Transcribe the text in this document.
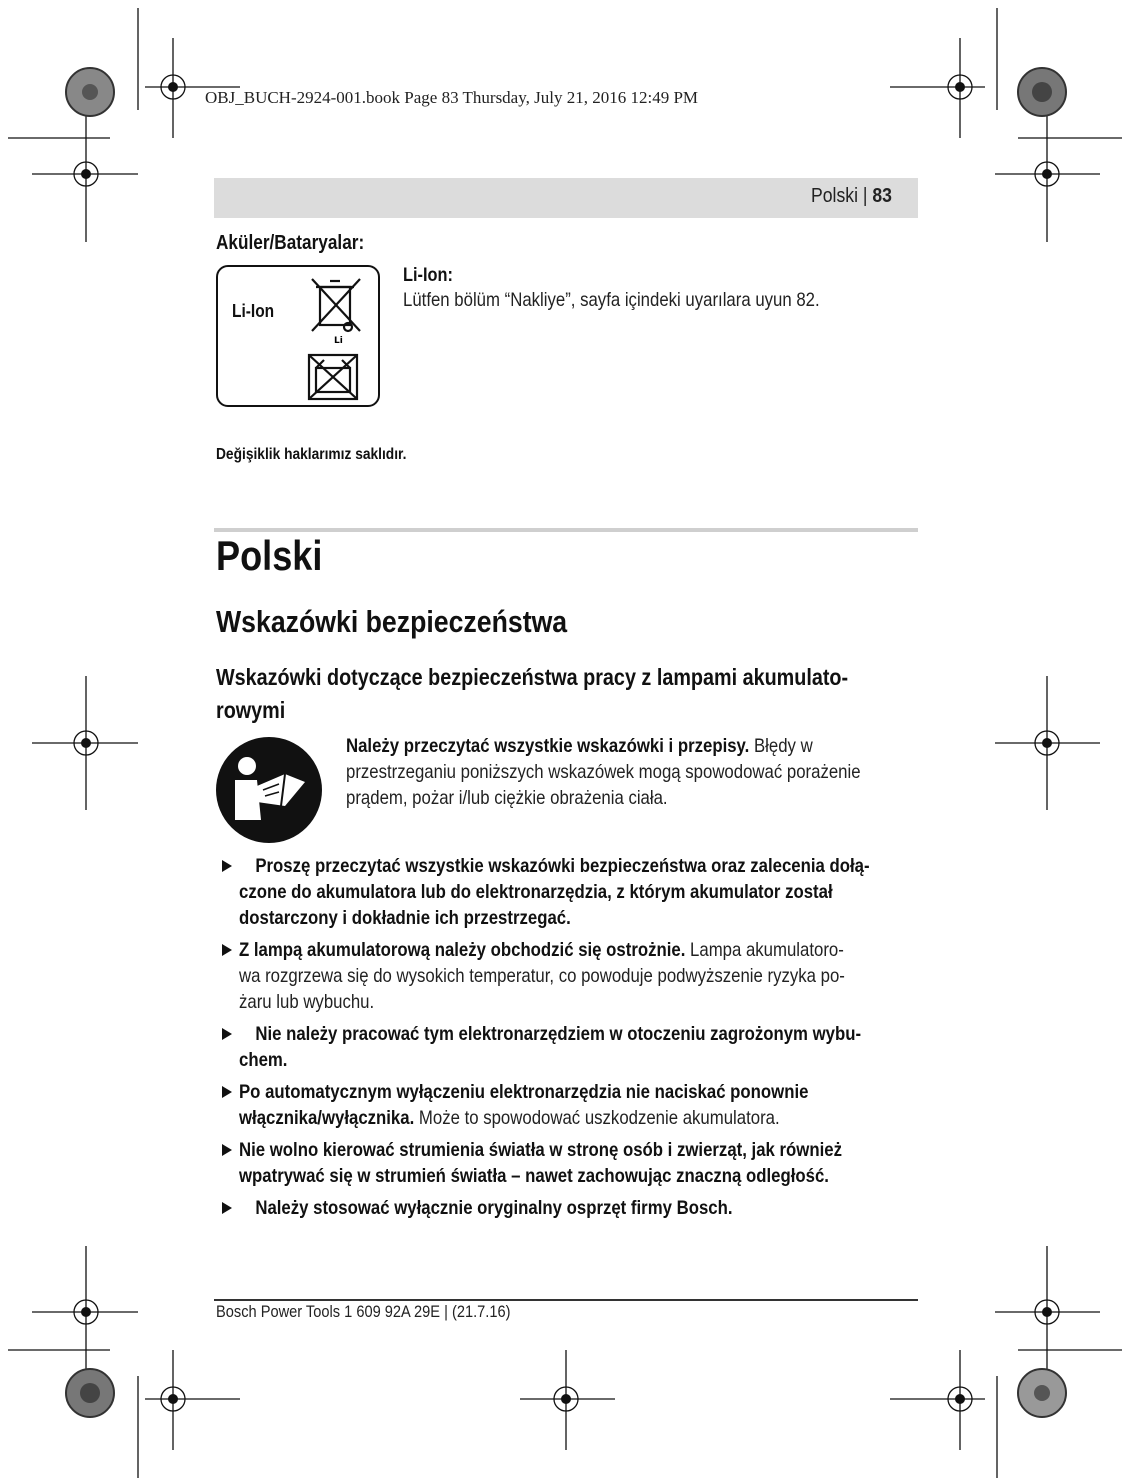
OBJ_BUCH-2924-001.book Page 83 Thursday, July 21, 2016 12:49 PM
Polski | 83
Aküler/Bataryalar:
Li-Ion
Li
Li-Ion:
Lütfen bölüm “Nakliye”, sayfa içindeki uyarılara uyun 82.
Değişiklik haklarımız saklıdır.
Polski
Wskazówki bezpieczeństwa
Wskazówki dotyczące bezpieczeństwa pracy z lampami akumulato-
rowymi
Należy przeczytać wszystkie wskazówki i przepisy. Błędy w
przestrzeganiu poniższych wskazówek mogą spowodować porażenie
prądem, pożar i/lub ciężkie obrażenia ciała.
Proszę przeczytać wszystkie wskazówki bezpieczeństwa oraz zalecenia dołą-
czone do akumulatora lub do elektronarzędzia, z którym akumulator został
dostarczony i dokładnie ich przestrzegać.
Z lampą akumulatorową należy obchodzić się ostrożnie. Lampa akumulatoro-
wa rozgrzewa się do wysokich temperatur, co powoduje podwyższenie ryzyka po-
żaru lub wybuchu.
Nie należy pracować tym elektronarzędziem w otoczeniu zagrożonym wybu-
chem.
Po automatycznym wyłączeniu elektronarzędzia nie naciskać ponownie
włącznika/wyłącznika. Może to spowodować uszkodzenie akumulatora.
Nie wolno kierować strumienia światła w stronę osób i zwierząt, jak również
wpatrywać się w strumień światła – nawet zachowując znaczną odległość.
Należy stosować wyłącznie oryginalny osprzęt firmy Bosch.
Bosch Power Tools 1 609 92A 29E | (21.7.16)
